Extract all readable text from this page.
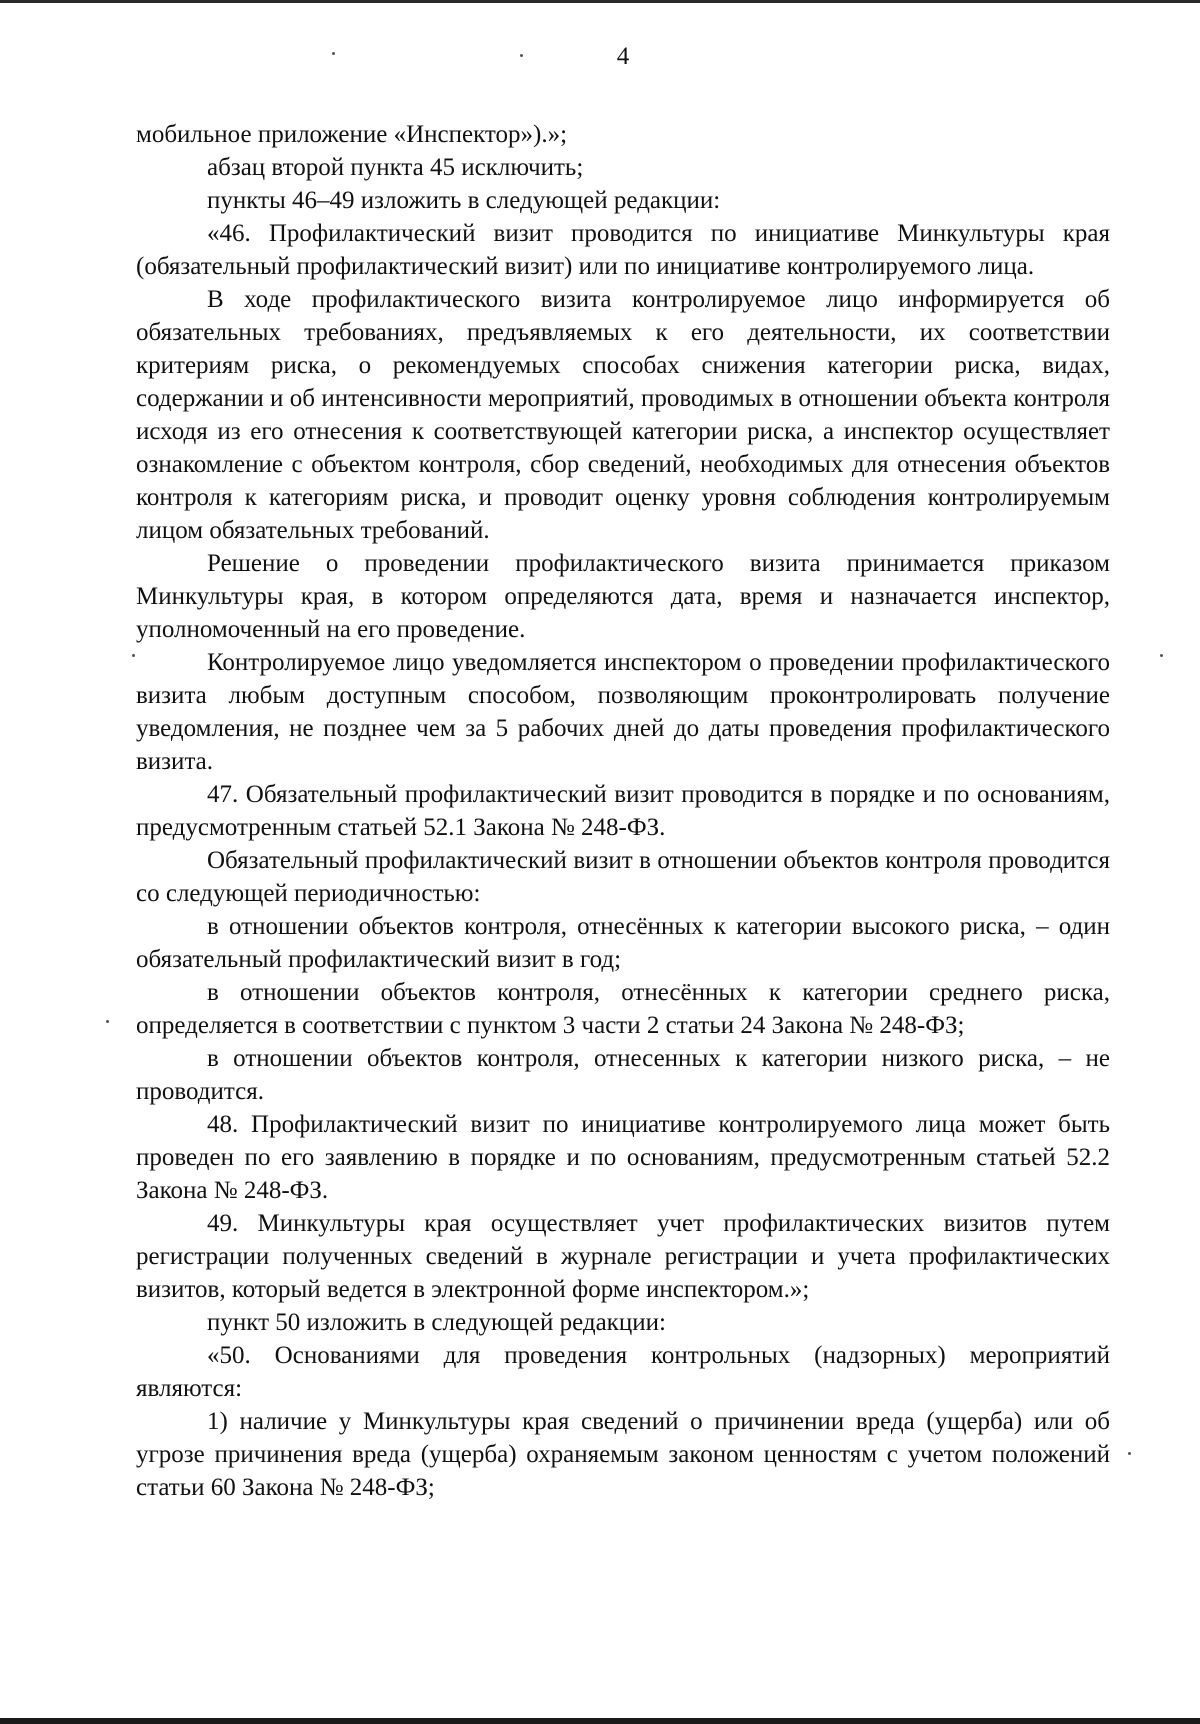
4

мобильное приложение «Инспектор»).»;

абзац второй пункта 45 исключить;

пункты 46–49 изложить в следующей редакции:

«46. Профилактический визит проводится по инициативе Минкультуры края (обязательный профилактический визит) или по инициативе контролируемого лица.

В ходе профилактического визита контролируемое лицо информируется об обязательных требованиях, предъявляемых к его деятельности, их соответствии критериям риска, о рекомендуемых способах снижения категории риска, видах, содержании и об интенсивности мероприятий, проводимых в отношении объекта контроля исходя из его отнесения к соответствующей категории риска, а инспектор осуществляет ознакомление с объектом контроля, сбор сведений, необходимых для отнесения объектов контроля к категориям риска, и проводит оценку уровня соблюдения контролируемым лицом обязательных требований.

Решение о проведении профилактического визита принимается приказом Минкультуры края, в котором определяются дата, время и назначается инспектор, уполномоченный на его проведение.

Контролируемое лицо уведомляется инспектором о проведении профилактического визита любым доступным способом, позволяющим проконтролировать получение уведомления, не позднее чем за 5 рабочих дней до даты проведения профилактического визита.

47. Обязательный профилактический визит проводится в порядке и по основаниям, предусмотренным статьей 52.1 Закона № 248-ФЗ.

Обязательный профилактический визит в отношении объектов контроля проводится со следующей периодичностью:

в отношении объектов контроля, отнесённых к категории высокого риска, – один обязательный профилактический визит в год;

в отношении объектов контроля, отнесённых к категории среднего риска, определяется в соответствии с пунктом 3 части 2 статьи 24 Закона № 248-ФЗ;

в отношении объектов контроля, отнесенных к категории низкого риска, – не проводится.

48. Профилактический визит по инициативе контролируемого лица может быть проведен по его заявлению в порядке и по основаниям, предусмотренным статьей 52.2 Закона № 248-ФЗ.

49. Минкультуры края осуществляет учет профилактических визитов путем регистрации полученных сведений в журнале регистрации и учета профилактических визитов, который ведется в электронной форме инспектором.»;

пункт 50 изложить в следующей редакции:

«50. Основаниями для проведения контрольных (надзорных) мероприятий являются:

1) наличие у Минкультуры края сведений о причинении вреда (ущерба) или об угрозе причинения вреда (ущерба) охраняемым законом ценностям с учетом положений статьи 60 Закона № 248-ФЗ;
